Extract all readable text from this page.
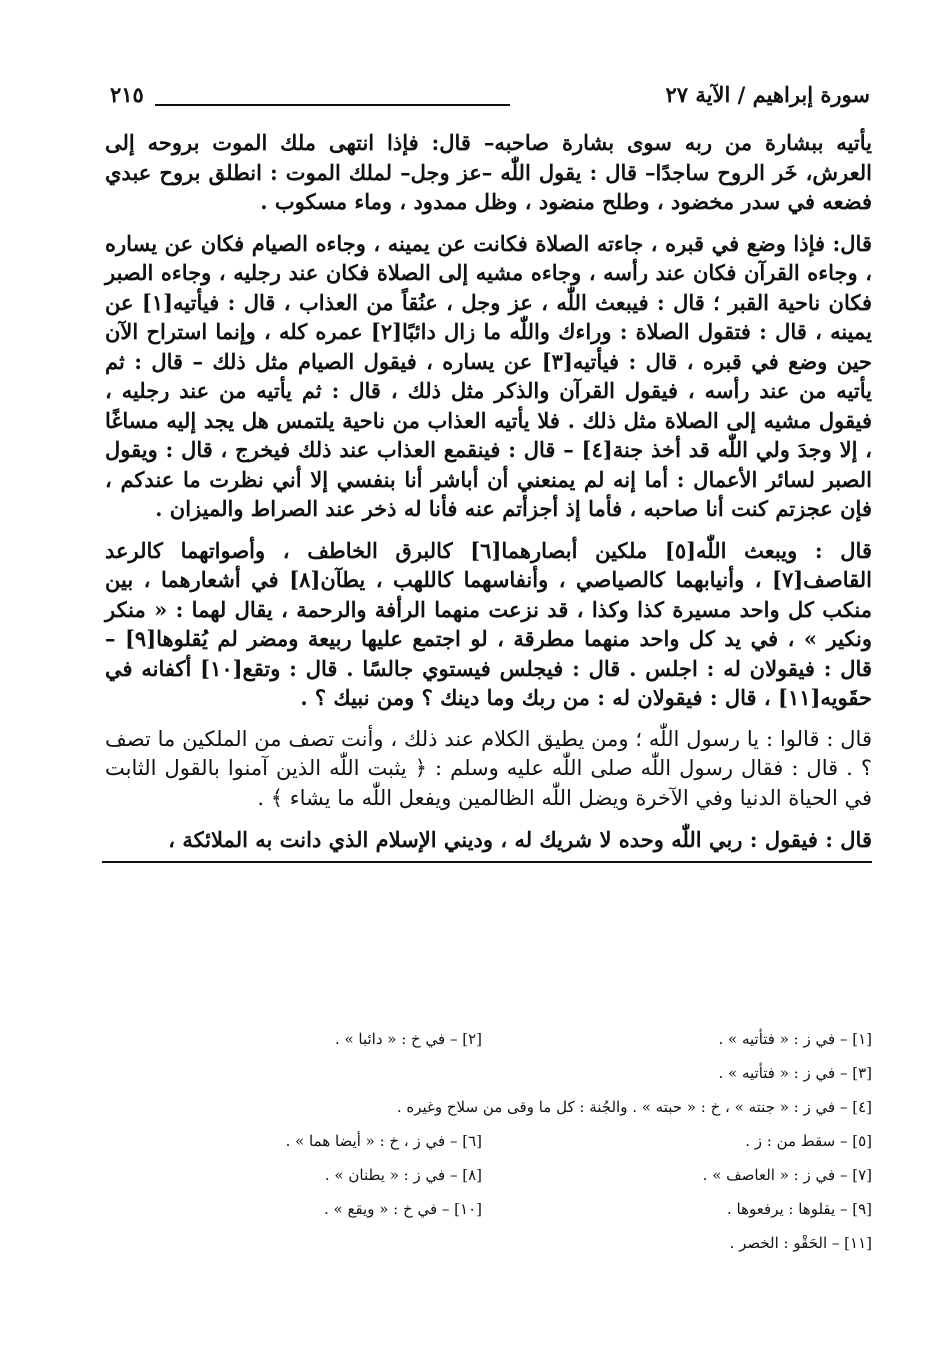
سورة إبراهيم / الآية ٢٧
٢١٥

يأتيه ببشارة من ربه سوى بشارة صاحبه– قال: فإذا انتهى ملك الموت بروحه إلى العرش، خَر الروح ساجدًا– قال : يقول اللّٰه –عز وجل– لملك الموت : انطلق بروح عبدي فضعه في سدر مخضود ، وطلح منضود ، وظل ممدود ، وماء مسكوب .

قال: فإذا وضع في قبره ، جاءته الصلاة فكانت عن يمينه ، وجاءه الصيام فكان عن يساره ، وجاءه القرآن فكان عند رأسه ، وجاءه مشيه إلى الصلاة فكان عند رجليه ، وجاءه الصبر فكان ناحية القبر ؛ قال : فيبعث اللّٰه ، عز وجل ، عنُقاً من العذاب ، قال : فيأتيه[١] عن يمينه ، قال : فتقول الصلاة : وراءك واللّٰه ما زال دائبًا[٢] عمره كله ، وإنما استراح الآن حين وضع في قبره ، قال : فيأتيه[٣] عن يساره ، فيقول الصيام مثل ذلك – قال : ثم يأتيه من عند رأسه ، فيقول القرآن والذكر مثل ذلك ، قال : ثم يأتيه من عند رجليه ، فيقول مشيه إلى الصلاة مثل ذلك . فلا يأتيه العذاب من ناحية يلتمس هل يجد إليه مساغًا ، إلا وجدَ ولي اللّٰه قد أخذ جنة[٤] – قال : فينقمع العذاب عند ذلك فيخرج ، قال : ويقول الصبر لسائر الأعمال : أما إنه لم يمنعني أن أباشر أنا بنفسي إلا أني نظرت ما عندكم ، فإن عجزتم كنت أنا صاحبه ، فأما إذ أجزأتم عنه فأنا له ذخر عند الصراط والميزان .

قال : ويبعث اللّٰه[٥] ملكين أبصارهما[٦] كالبرق الخاطف ، وأصواتهما كالرعد القاصف[٧] ، وأنيابهما كالصياصي ، وأنفاسهما كاللهب ، يطآن[٨] في أشعارهما ، بين منكب كل واحد مسيرة كذا وكذا ، قد نزعت منهما الرأفة والرحمة ، يقال لهما : « منكر ونكير » ، في يد كل واحد منهما مطرقة ، لو اجتمع عليها ربيعة ومضر لم يُقلوها[٩] – قال : فيقولان له : اجلس . قال : فيجلس فيستوي جالسًا . قال : وتقع[١٠] أكفانه في حقَويه[١١] ، قال : فيقولان له : من ربك وما دينك ؟ ومن نبيك ؟ .

قال : قالوا : يا رسول اللّٰه ؛ ومن يطيق الكلام عند ذلك ، وأنت تصف من الملكين ما تصف ؟ . قال : فقال رسول اللّٰه صلى اللّٰه عليه وسلم : ﴿ يثبت اللّٰه الذين آمنوا بالقول الثابت في الحياة الدنيا وفي الآخرة ويضل اللّٰه الظالمين ويفعل اللّٰه ما يشاء ﴾ .

قال : فيقول : ربي اللّٰه وحده لا شريك له ، وديني الإسلام الذي دانت به الملائكة ،
[١] – في ز : « فتأتيه » .
[٢] – في خ : « دائبا » .
[٣] – في ز : « فتأتيه » .
[٤] – في ز : « جنته » ، خ : « حبته » . والجُنة : كل ما وقى من سلاح وغيره .
[٥] – سقط من : ز .
[٦] – في ز ، خ : « أيضا هما » .
[٧] – في ز : « العاصف » .
[٨] – في ز : « يطنان » .
[٩] – يقلوها : يرفعوها .
[١٠] – في خ : « ويقع » .
[١١] – الحَقْو : الخصر .
